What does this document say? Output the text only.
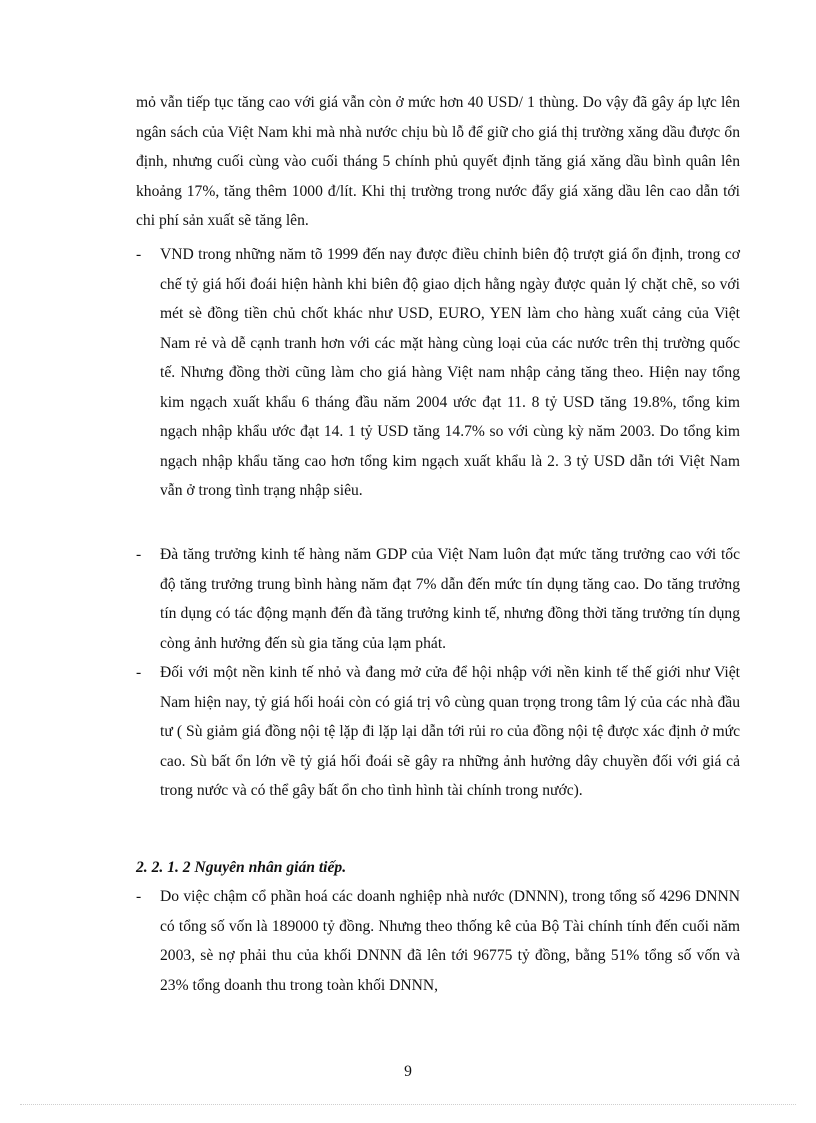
mỏ vẫn tiếp tục tăng cao với giá vẫn còn ở mức hơn 40 USD/ 1 thùng. Do vậy đã gây áp lực lên ngân sách của Việt Nam khi mà nhà nước chịu bù lỗ để giữ cho giá thị trường xăng dầu được ổn định, nhưng cuối cùng vào cuối tháng 5 chính phủ quyết định tăng giá xăng dầu bình quân lên khoảng 17%, tăng thêm 1000 đ/lít. Khi thị trường trong nước đẩy giá xăng dầu lên cao dẫn tới chi phí sản xuất sẽ tăng lên.

-	VND trong những năm tõ 1999 đến nay được điều chỉnh biên độ trượt giá ổn định, trong cơ chế tỷ giá hối đoái hiện hành khi biên độ giao dịch hằng ngày được quản lý chặt chẽ, so với mét sè đồng tiền chủ chốt khác như USD, EURO, YEN làm cho hàng xuất cảng của Việt Nam rẻ và dễ cạnh tranh hơn với các mặt hàng cùng loại của các nước trên thị trường quốc tế. Nhưng đồng thời cũng làm cho giá hàng Việt nam nhập cảng tăng theo. Hiện nay tổng kim ngạch xuất khẩu 6 tháng đầu năm 2004 ước đạt 11. 8 tỷ USD tăng 19.8%, tổng kim ngạch nhập khẩu ước đạt 14. 1 tỷ USD tăng 14.7% so với cùng kỳ năm 2003. Do tổng kim ngạch nhập khẩu tăng cao hơn tổng kim ngạch xuất khẩu là 2. 3 tỷ USD dẫn tới Việt Nam vẫn ở trong tình trạng nhập siêu.
-	Đà tăng trưởng kinh tế hàng năm GDP của Việt Nam luôn đạt mức tăng trưởng cao với tốc độ tăng trưởng trung bình hàng năm đạt 7% dẫn đến mức tín dụng tăng cao. Do tăng trưởng tín dụng có tác động mạnh đến đà tăng trưởng kinh tế, nhưng đồng thời tăng trưởng tín dụng còng ảnh hưởng đến sù gia tăng của lạm phát.
-	Đối với một nền kinh tế nhỏ và đang mở cửa để hội nhập với nền kinh tế thế giới như Việt Nam hiện nay, tỷ giá hối hoái còn có giá trị vô cùng quan trọng trong tâm lý của các nhà đầu tư ( Sù giảm giá đồng nội tệ lặp đi lặp lại dẫn tới rủi ro của đồng nội tệ được xác định ở mức cao. Sù bất ổn lớn về tỷ giá hối đoái sẽ gây ra những ảnh hưởng dây chuyền đối với giá cả trong nước và có thể gây bất ổn cho tình hình tài chính trong nước).
2. 2. 1. 2 Nguyên nhân gián tiếp.
-	Do việc chậm cổ phần hoá các doanh nghiệp nhà nước (DNNN), trong tổng số 4296 DNNN có tổng số vốn là 189000 tỷ đồng. Nhưng theo thống kê của Bộ Tài chính tính đến cuối năm 2003, sè nợ phải thu của khối DNNN đã lên tới 96775 tỷ đồng, bằng 51% tổng số vốn và 23% tổng doanh thu trong toàn khối DNNN,
9
